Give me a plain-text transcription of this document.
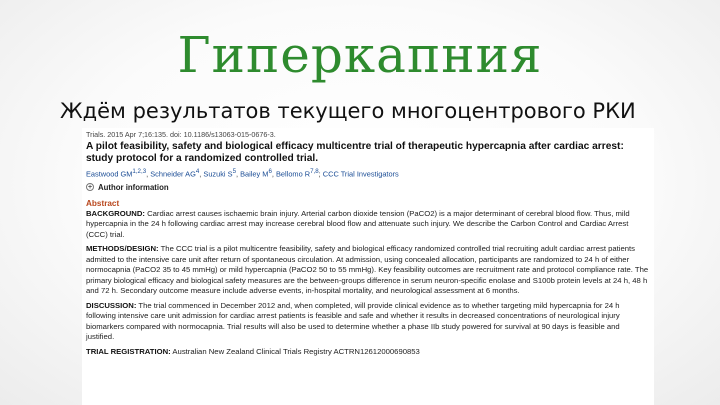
Гиперкапния
Ждём результатов текущего многоцентрового РКИ
Trials. 2015 Apr 7;16:135. doi: 10.1186/s13063-015-0676-3.
A pilot feasibility, safety and biological efficacy multicentre trial of therapeutic hypercapnia after cardiac arrest: study protocol for a randomized controlled trial.
Eastwood GM$^{1,2,3}$, Schneider $AG^4$, Suzuki $S^5$, Bailey $M^6$, Bellomo R$^{7,8}$; CCC Trial Investigators
+ Author information
Abstract
BACKGROUND: Cardiac arrest causes ischaemic brain injury. Arterial carbon dioxide tension (PaCO2) is a major determinant of cerebral blood flow. Thus, mild hypercapnia in the 24 h following cardiac arrest may increase cerebral blood flow and attenuate such injury. We describe the Carbon Control and Cardiac Arrest (CCC) trial.
METHODS/DESIGN: The CCC trial is a pilot multicentre feasibility, safety and biological efficacy randomized controlled trial recruiting adult cardiac arrest patients admitted to the intensive care unit after return of spontaneous circulation. At admission, using concealed allocation, participants are randomized to 24 h of either normocapnia (PaCO2 35 to 45 mmHg) or mild hypercapnia (PaCO2 50 to 55 mmHg). Key feasibility outcomes are recruitment rate and protocol compliance rate. The primary biological efficacy and biological safety measures are the between-groups difference in serum neuron-specific enolase and S100b protein levels at 24 h, 48 h and 72 h. Secondary outcome measure include adverse events, in-hospital mortality, and neurological assessment at 6 months.
DISCUSSION: The trial commenced in December 2012 and, when completed, will provide clinical evidence as to whether targeting mild hypercapnia for 24 h following intensive care unit admission for cardiac arrest patients is feasible and safe and whether it results in decreased concentrations of neurological injury biomarkers compared with normocapnia. Trial results will also be used to determine whether a phase IIb study powered for survival at 90 days is feasible and justified.
TRIAL REGISTRATION: Australian New Zealand Clinical Trials Registry ACTRN12612000690853
